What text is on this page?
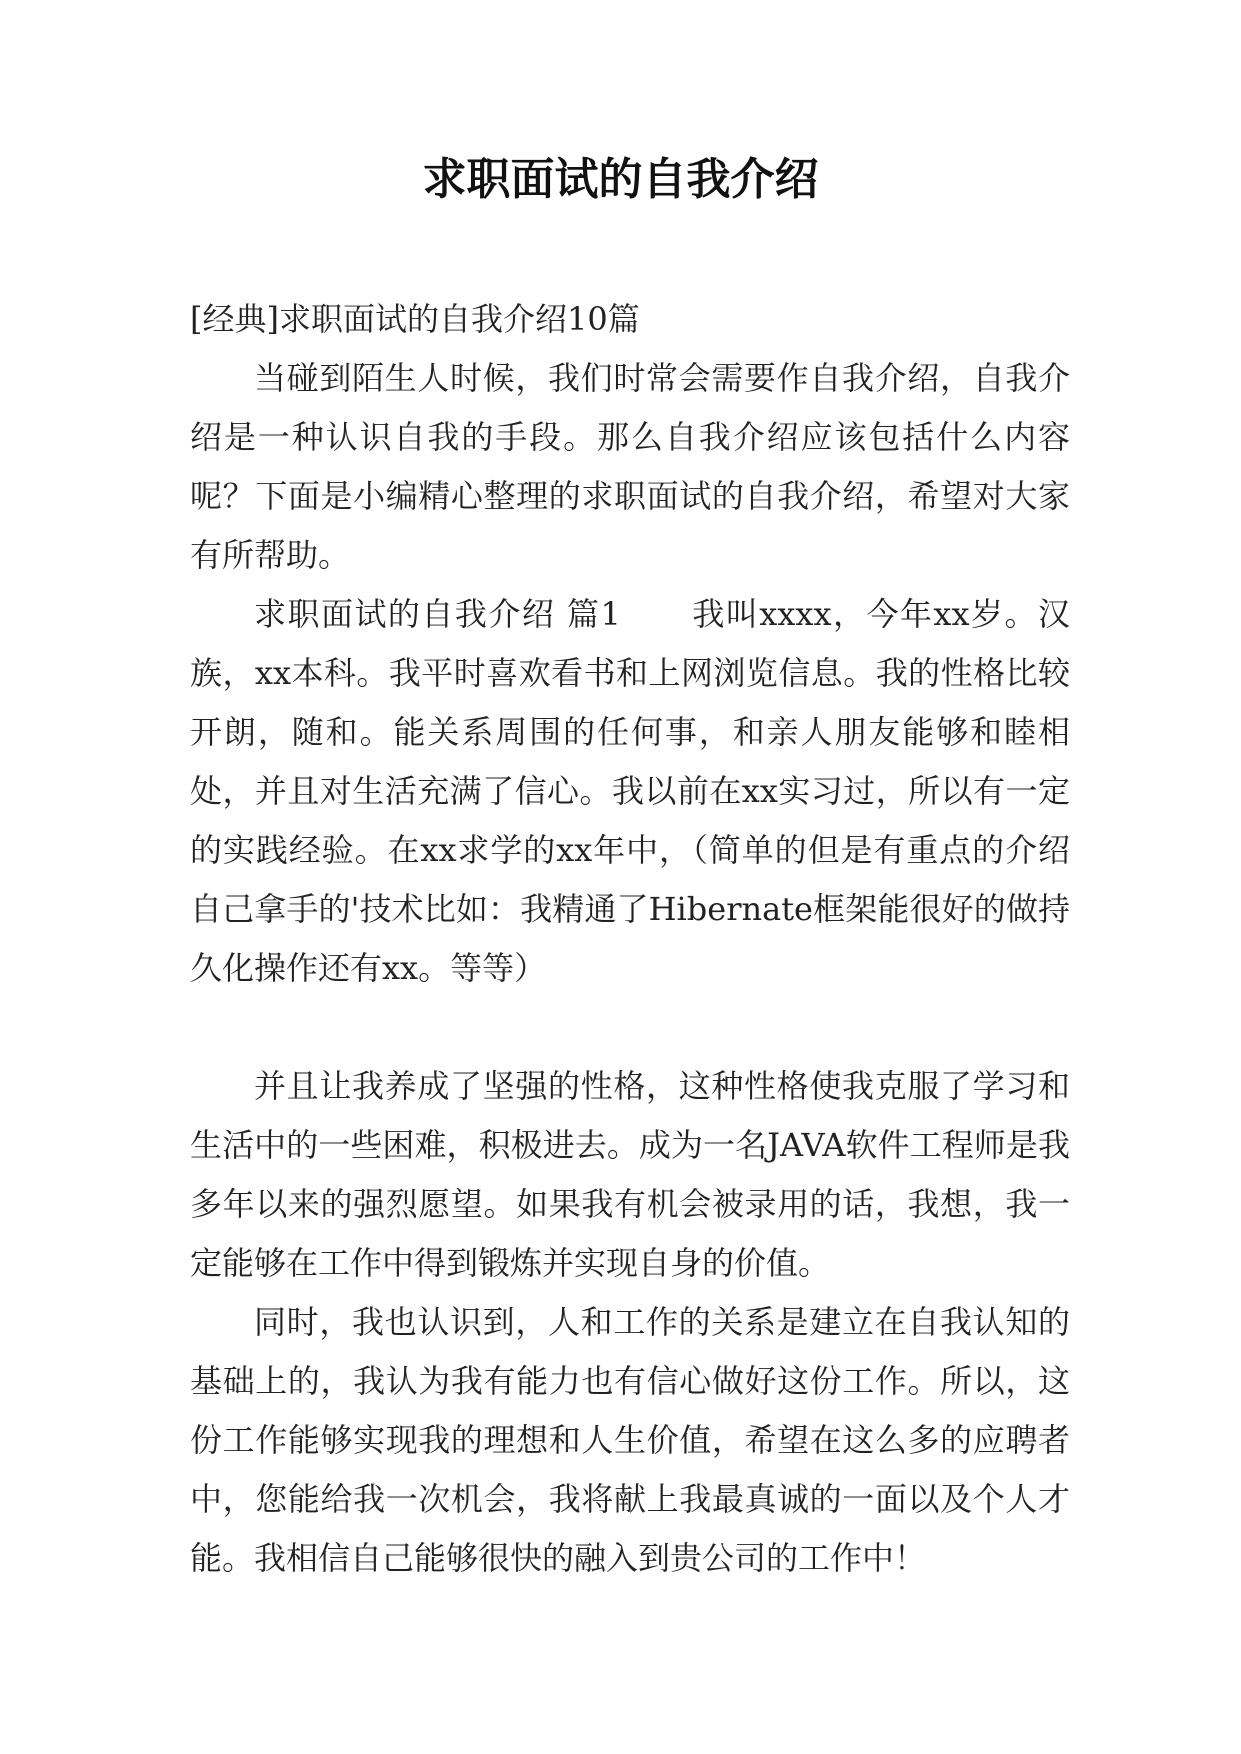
求职面试的自我介绍

[经典]求职面试的自我介绍10篇

当碰到陌生人时候，我们时常会需要作自我介绍，自我介绍是一种认识自我的手段。那么自我介绍应该包括什么内容呢？下面是小编精心整理的求职面试的自我介绍，希望对大家有所帮助。

求职面试的自我介绍 篇1 我叫xxxx，今年xx岁。汉族，xx本科。我平时喜欢看书和上网浏览信息。我的性格比较开朗，随和。能关系周围的任何事，和亲人朋友能够和睦相处，并且对生活充满了信心。我以前在xx实习过，所以有一定的实践经验。在xx求学的xx年中，（简单的但是有重点的介绍自己拿手的'技术比如：我精通了Hibernate框架能很好的做持久化操作还有xx。等等）

并且让我养成了坚强的性格，这种性格使我克服了学习和生活中的一些困难，积极进去。成为一名JAVA软件工程师是我多年以来的强烈愿望。如果我有机会被录用的话，我想，我一定能够在工作中得到锻炼并实现自身的价值。

同时，我也认识到，人和工作的关系是建立在自我认知的基础上的，我认为我有能力也有信心做好这份工作。所以，这份工作能够实现我的理想和人生价值，希望在这么多的应聘者中，您能给我一次机会，我将献上我最真诚的一面以及个人才能。我相信自己能够很快的融入到贵公司的工作中！
